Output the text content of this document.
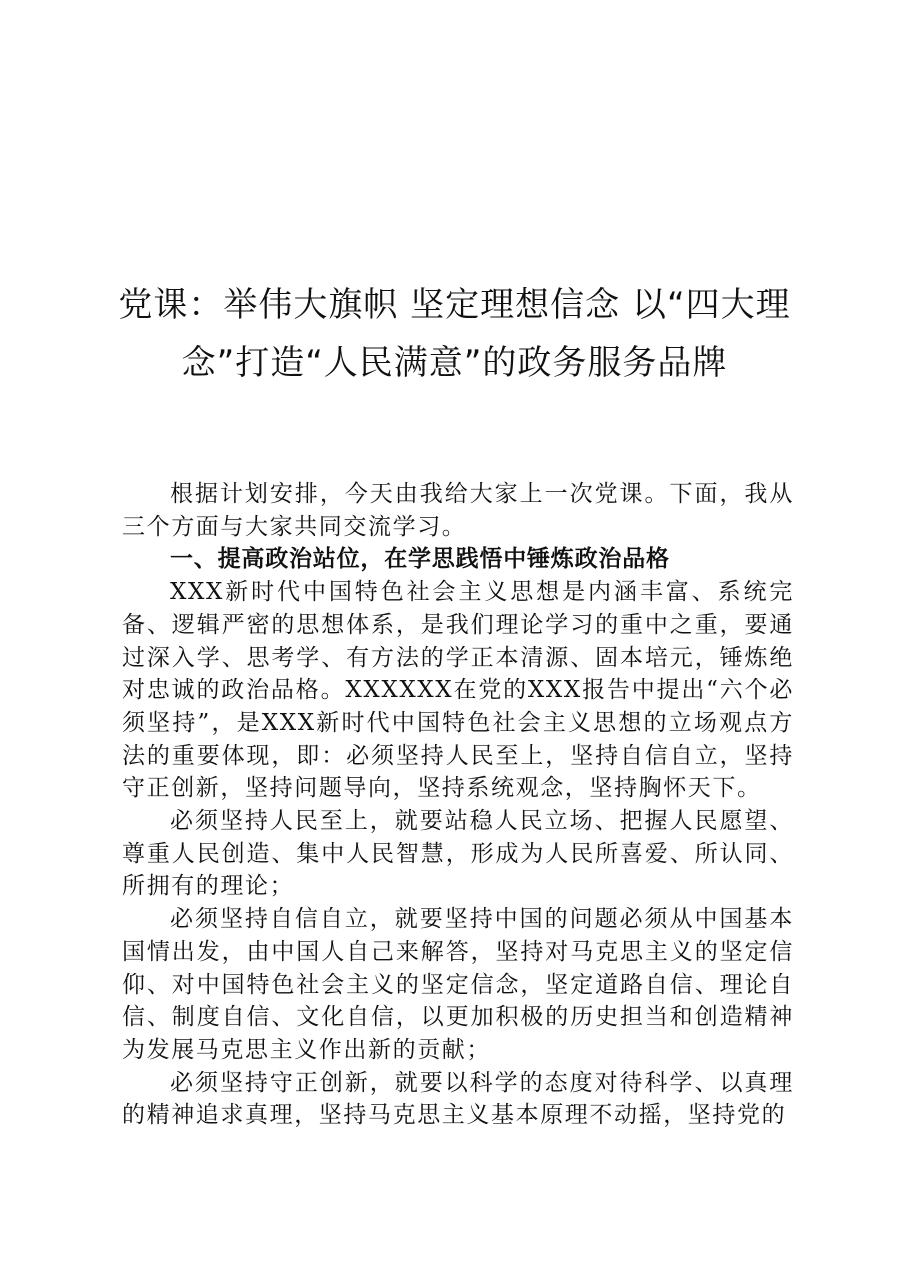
党课：举伟大旗帜 坚定理想信念 以“四大理
念”打造“人民满意”的政务服务品牌

根据计划安排，今天由我给大家上一次党课。下面，我从三个方面与大家共同交流学习。

一、提高政治站位，在学思践悟中锤炼政治品格

XXX新时代中国特色社会主义思想是内涵丰富、系统完备、逻辑严密的思想体系，是我们理论学习的重中之重，要通过深入学、思考学、有方法的学正本清源、固本培元，锤炼绝对忠诚的政治品格。XXXXXX在党的XXX报告中提出“六个必须坚持”，是XXX新时代中国特色社会主义思想的立场观点方法的重要体现，即：必须坚持人民至上，坚持自信自立，坚持守正创新，坚持问题导向，坚持系统观念，坚持胸怀天下。

必须坚持人民至上，就要站稳人民立场、把握人民愿望、尊重人民创造、集中人民智慧，形成为人民所喜爱、所认同、所拥有的理论；

必须坚持自信自立，就要坚持中国的问题必须从中国基本国情出发，由中国人自己来解答，坚持对马克思主义的坚定信仰、对中国特色社会主义的坚定信念，坚定道路自信、理论自信、制度自信、文化自信，以更加积极的历史担当和创造精神为发展马克思主义作出新的贡献；

必须坚持守正创新，就要以科学的态度对待科学、以真理的精神追求真理，坚持马克思主义基本原理不动摇，坚持党的
